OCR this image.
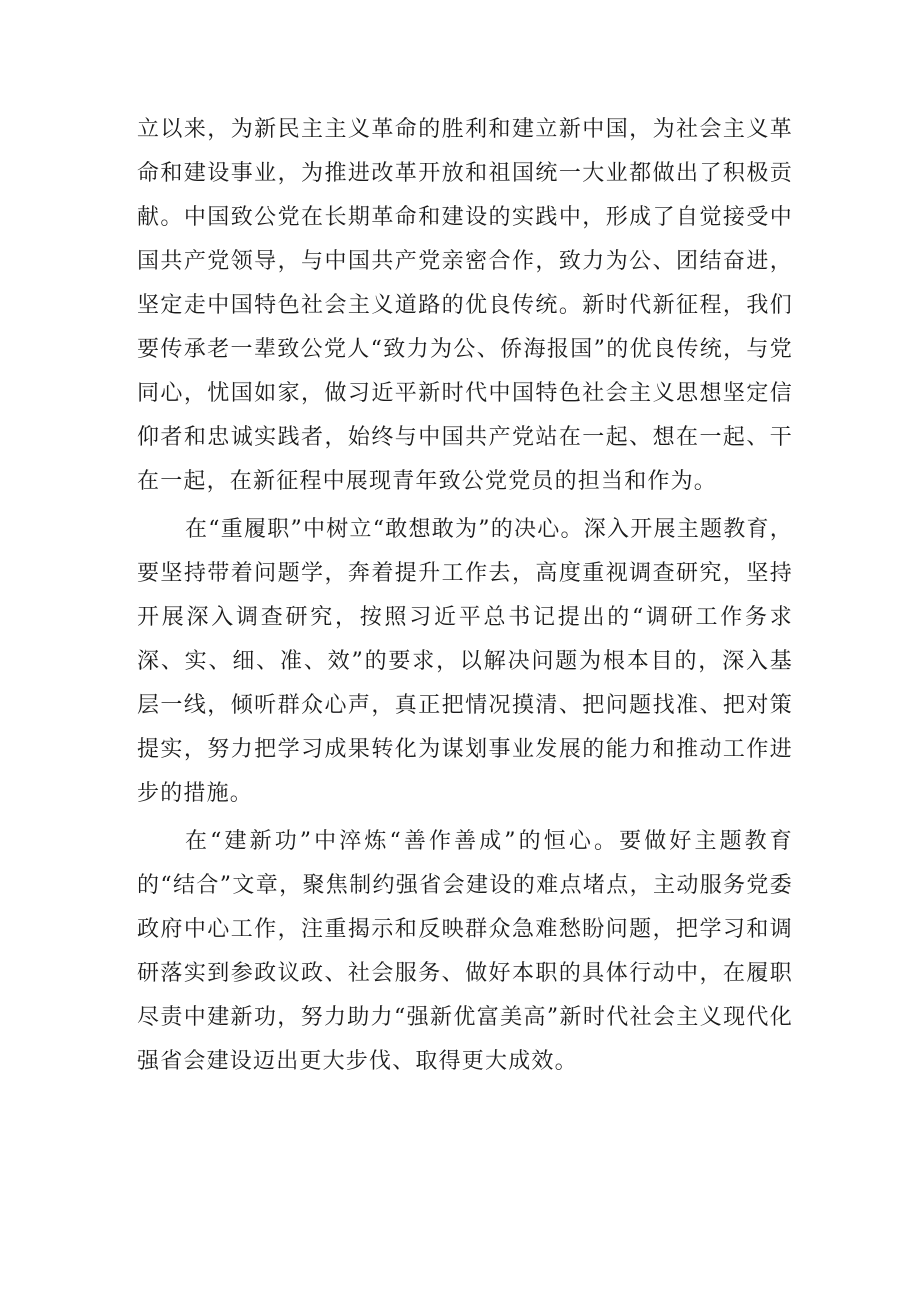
立以来，为新民主主义革命的胜利和建立新中国，为社会主义革命和建设事业，为推进改革开放和祖国统一大业都做出了积极贡献。中国致公党在长期革命和建设的实践中，形成了自觉接受中国共产党领导，与中国共产党亲密合作，致力为公、团结奋进，坚定走中国特色社会主义道路的优良传统。新时代新征程，我们要传承老一辈致公党人“致力为公、侨海报国”的优良传统，与党同心，忧国如家，做习近平新时代中国特色社会主义思想坚定信仰者和忠诚实践者，始终与中国共产党站在一起、想在一起、干在一起，在新征程中展现青年致公党党员的担当和作为。

在“重履职”中树立“敢想敢为”的决心。深入开展主题教育，要坚持带着问题学，奔着提升工作去，高度重视调查研究，坚持开展深入调查研究，按照习近平总书记提出的“调研工作务求深、实、细、准、效”的要求，以解决问题为根本目的，深入基层一线，倾听群众心声，真正把情况摸清、把问题找准、把对策提实，努力把学习成果转化为谋划事业发展的能力和推动工作进步的措施。

在“建新功”中淬炼“善作善成”的恒心。要做好主题教育的“结合”文章，聚焦制约强省会建设的难点堵点，主动服务党委政府中心工作，注重揭示和反映群众急难愁盼问题，把学习和调研落实到参政议政、社会服务、做好本职的具体行动中，在履职尽责中建新功，努力助力“强新优富美高”新时代社会主义现代化强省会建设迈出更大步伐、取得更大成效。
